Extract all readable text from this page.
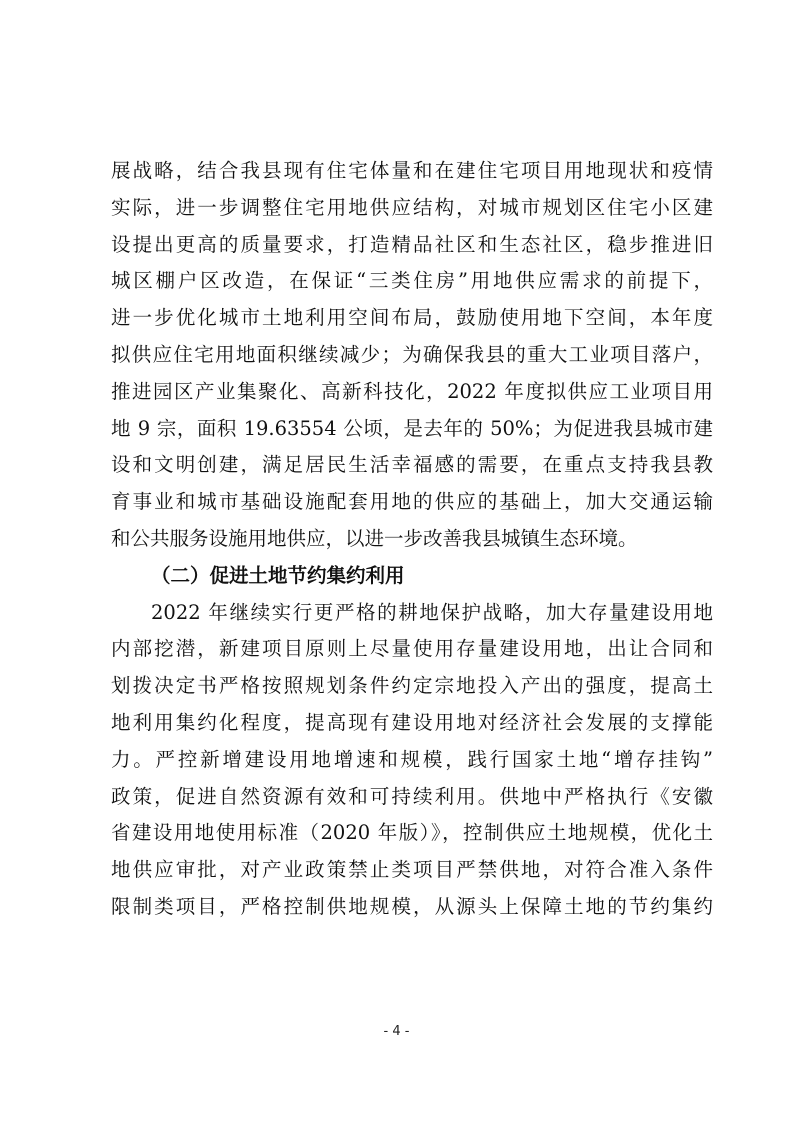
展战略，结合我县现有住宅体量和在建住宅项目用地现状和疫情
实际，进一步调整住宅用地供应结构，对城市规划区住宅小区建
设提出更高的质量要求，打造精品社区和生态社区，稳步推进旧
城区棚户区改造，在保证“三类住房”用地供应需求的前提下，
进一步优化城市土地利用空间布局，鼓励使用地下空间，本年度
拟供应住宅用地面积继续减少；为确保我县的重大工业项目落户，
推进园区产业集聚化、高新科技化，2022 年度拟供应工业项目用
地 9 宗，面积 19.63554 公顷，是去年的 50%；为促进我县城市建
设和文明创建，满足居民生活幸福感的需要，在重点支持我县教
育事业和城市基础设施配套用地的供应的基础上，加大交通运输
和公共服务设施用地供应，以进一步改善我县城镇生态环境。
（二）促进土地节约集约利用
2022 年继续实行更严格的耕地保护战略，加大存量建设用地
内部挖潜，新建项目原则上尽量使用存量建设用地，出让合同和
划拨决定书严格按照规划条件约定宗地投入产出的强度，提高土
地利用集约化程度，提高现有建设用地对经济社会发展的支撑能
力。严控新增建设用地增速和规模，践行国家土地“增存挂钩”
政策，促进自然资源有效和可持续利用。供地中严格执行《安徽
省建设用地使用标准（2020 年版）》，控制供应土地规模，优化土
地供应审批，对产业政策禁止类项目严禁供地，对符合准入条件
限制类项目，严格控制供地规模，从源头上保障土地的节约集约
- 4 -
